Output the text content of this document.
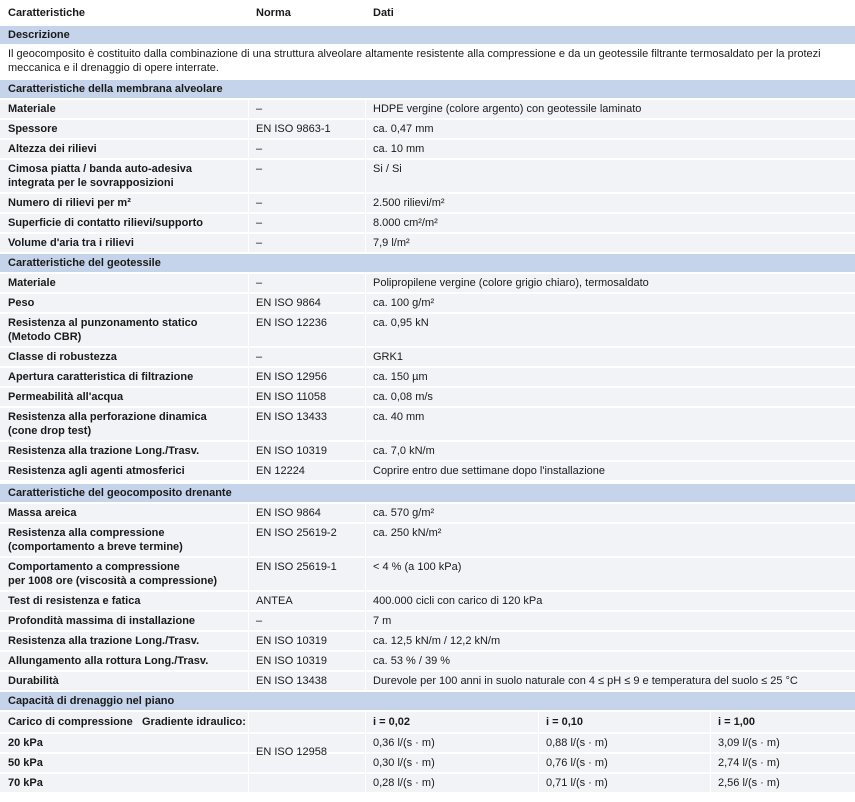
Caratteristiche	Norma	Dati
Descrizione
Il geocomposito è costituito dalla combinazione di una struttura alveolare altamente resistente alla compressione e da un geotessile filtrante termosaldato per la protezi
meccanica e il drenaggio di opere interrate.
Caratteristiche della membrana alveolare
Materiale	–	HDPE vergine (colore argento) con geotessile laminato
Spessore	EN ISO 9863-1	ca. 0,47 mm
Altezza dei rilievi	–	ca. 10 mm
Cimosa piatta / banda auto-adesiva
integrata per le sovrapposizioni
–	Si / Si
Numero di rilievi per m²	–	2.500 rilievi/m²
Superficie di contatto rilievi/supporto	–	8.000 cm²/m²
Volume d'aria tra i rilievi	–	7,9 l/m²
Caratteristiche del geotessile
Materiale	–	Polipropilene vergine (colore grigio chiaro), termosaldato
Peso	EN ISO 9864	ca. 100 g/m²
Resistenza al punzonamento statico
(Metodo CBR)
EN ISO 12236	ca. 0,95 kN
Classe di robustezza	–	GRK1
Apertura caratteristica di filtrazione	EN ISO 12956	ca. 150 µm
Permeabilità all'acqua	EN ISO 11058	ca. 0,08 m/s
Resistenza alla perforazione dinamica
(cone drop test)
EN ISO 13433	ca. 40 mm
Resistenza alla trazione Long./Trasv.	EN ISO 10319	ca. 7,0 kN/m
Resistenza agli agenti atmosferici	EN 12224	Coprire entro due settimane dopo l'installazione
Caratteristiche del geocomposito drenante
Massa areica	EN ISO 9864	ca. 570 g/m²
Resistenza alla compressione
(comportamento a breve termine)
EN ISO 25619-2	ca. 250 kN/m²
Comportamento a compressione
per 1008 ore (viscosità a compressione)
EN ISO 25619-1	< 4 % (a 100 kPa)
Test di resistenza e fatica	ANTEA	400.000 cicli con carico di 120 kPa
Profondità massima di installazione	–	7 m
Resistenza alla trazione Long./Trasv.	EN ISO 10319	ca. 12,5 kN/m / 12,2 kN/m
Allungamento alla rottura Long./Trasv.	EN ISO 10319	ca. 53 % / 39 %
Durabilità	EN ISO 13438	Durevole per 100 anni in suolo naturale con 4 ≤ pH ≤ 9 e temperatura del suolo ≤ 25 °C
Capacità di drenaggio nel piano
Carico di compressione Gradiente idraulico:	i = 0,02	i = 0,10	i = 1,00
EN ISO 12958
20 kPa	0,36 l/(s · m)	0,88 l/(s · m)	3,09 l/(s · m)
50 kPa	0,30 l/(s · m)	0,76 l/(s · m)	2,74 l/(s · m)
70 kPa	0,28 l/(s · m)	0,71 l/(s · m)	2,56 l/(s · m)
